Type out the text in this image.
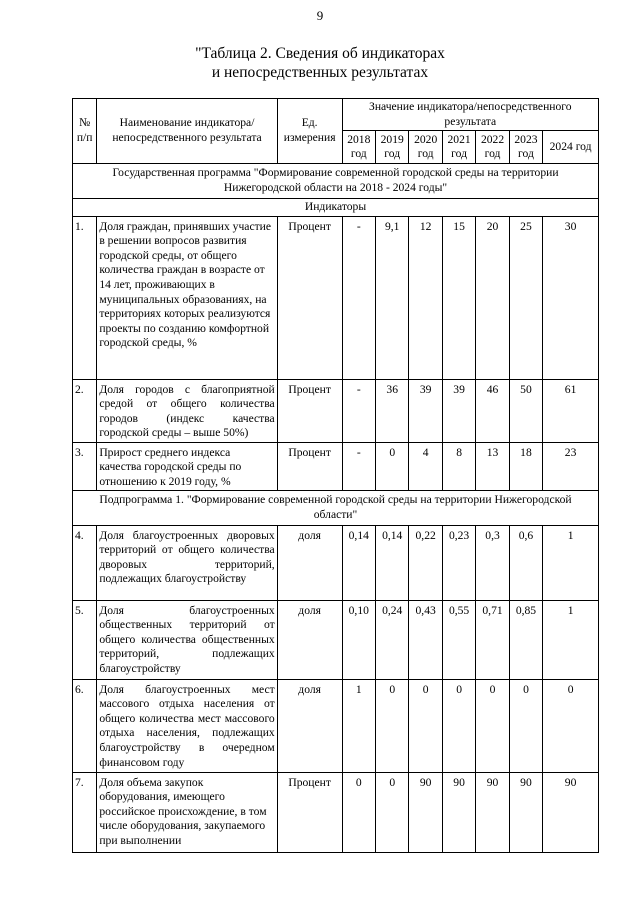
9
"Таблица 2. Сведения об индикаторах
и непосредственных результатах
№ п/п	Наименование индикатора/ непосредственного результата	Ед. измерения	Значение индикатора/непосредственного результата						
			2018 год	2019 год	2020 год	2021 год	2022 год	2023 год	2024 год
Государственная программа "Формирование современной городской среды на территории Нижегородской области на 2018 - 2024 годы"									
Индикаторы									
1.	Доля граждан, принявших участие в решении вопросов развития городской среды, от общего количества граждан в возрасте от 14 лет, проживающих в муниципальных образованиях, на территориях которых реализуются проекты по созданию комфортной городской среды, %	Процент	-	9,1	12	15	20	25	30
2.	Доля городов с благоприятной средой от общего количества городов (индекс качества городской среды – выше 50%)	Процент	-	36	39	39	46	50	61
3.	Прирост среднего индекса качества городской среды по отношению к 2019 году, %	Процент	-	0	4	8	13	18	23
Подпрограмма 1. "Формирование современной городской среды на территории Нижегородской области"									
4.	Доля благоустроенных дворовых территорий от общего количества дворовых территорий, подлежащих благоустройству	доля	0,14	0,14	0,22	0,23	0,3	0,6	1
5.	Доля благоустроенных общественных территорий от общего количества общественных территорий, подлежащих благоустройству	доля	0,10	0,24	0,43	0,55	0,71	0,85	1
6.	Доля благоустроенных мест массового отдыха населения от общего количества мест массового отдыха населения, подлежащих благоустройству в очередном финансовом году	доля	1	0	0	0	0	0	0
7.	Доля объема закупок оборудования, имеющего российское происхождение, в том числе оборудования, закупаемого при выполнении	Процент	0	0	90	90	90	90	90
